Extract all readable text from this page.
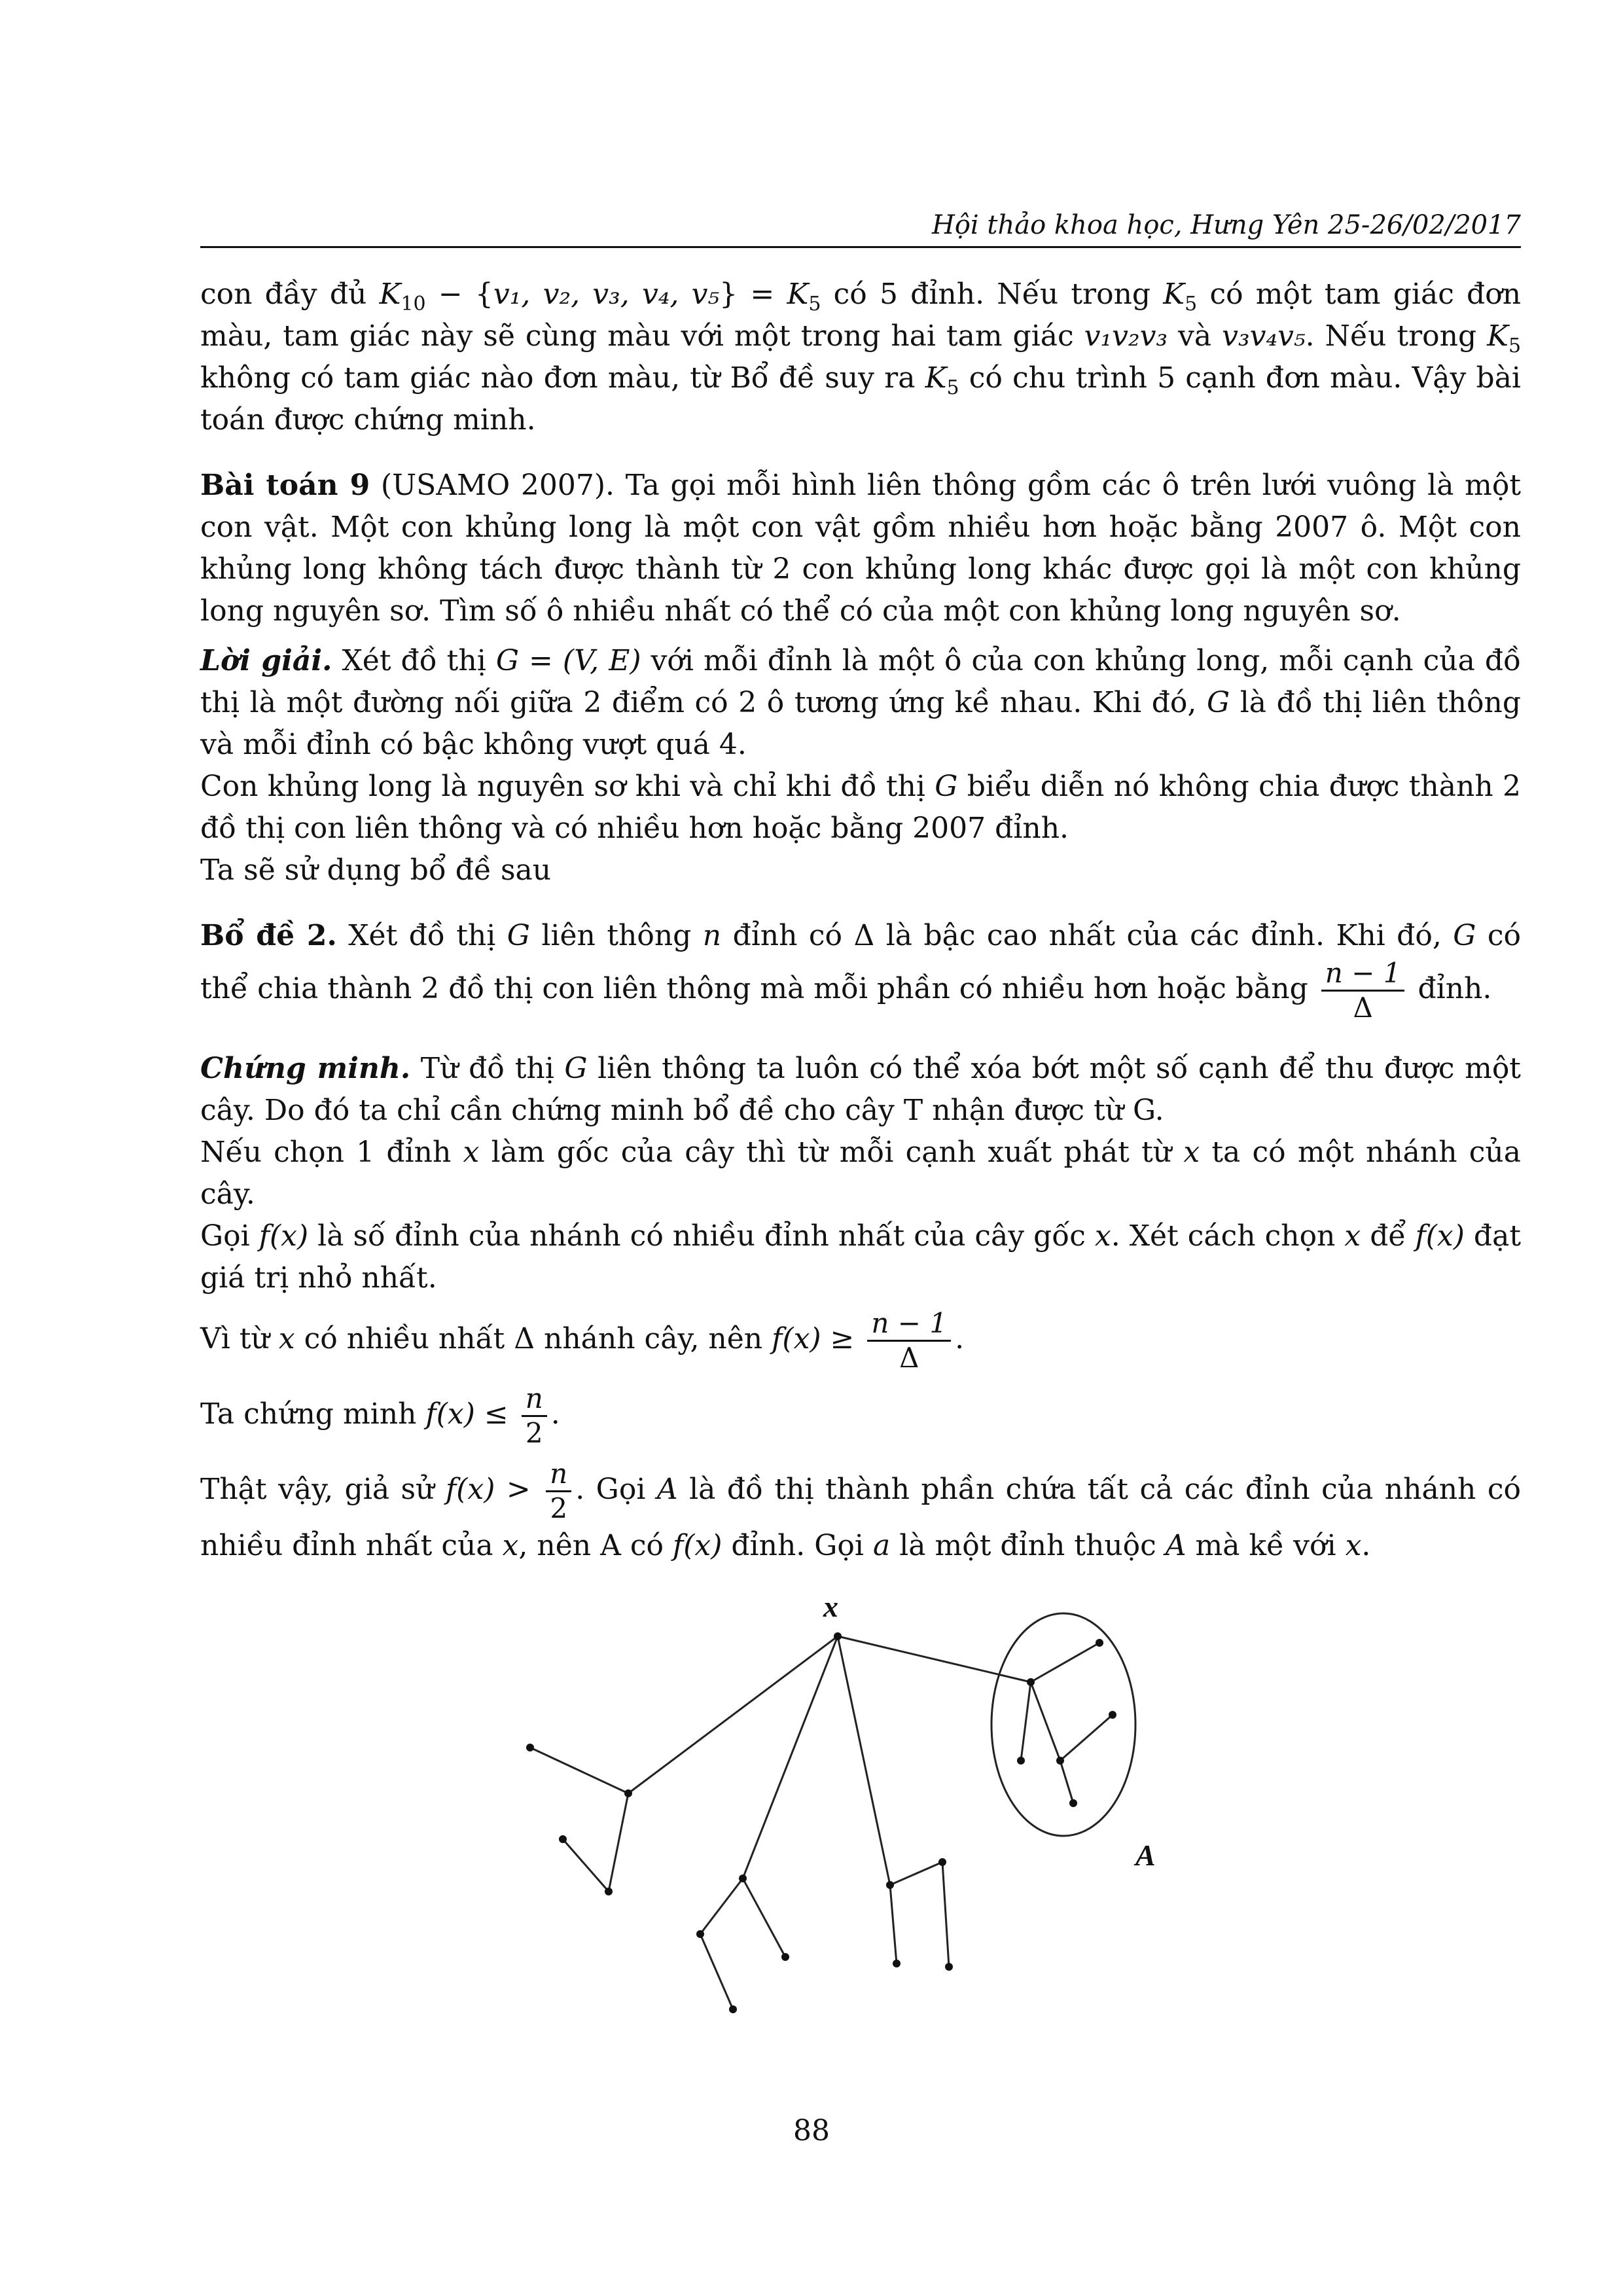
Hội thảo khoa học, Hưng Yên 25-26/02/2017

con đầy đủ $K_{10} - \{v_1$, v₂, v₃, v₄, $v_5\} = K_5$ có 5 đỉnh. Nếu trong $K_5$ có một tam giác đơn màu, tam giác này sẽ cùng màu với một trong hai tam giác v₁v₂v₃ và v₃v₄v₅. Nếu trong $K_5$ không có tam giác nào đơn màu, từ Bổ đề suy ra $K_5$ có chu trình 5 cạnh đơn màu. Vậy bài toán được chứng minh.

Bài toán 9 (USAMO 2007). Ta gọi mỗi hình liên thông gồm các ô trên lưới vuông là một con vật. Một con khủng long là một con vật gồm nhiều hơn hoặc bằng 2007 ô. Một con khủng long không tách được thành từ 2 con khủng long khác được gọi là một con khủng long nguyên sơ. Tìm số ô nhiều nhất có thể có của một con khủng long nguyên sơ.

Lời giải. Xét đồ thị G = (V, E) với mỗi đỉnh là một ô của con khủng long, mỗi cạnh của đồ thị là một đường nối giữa 2 điểm có 2 ô tương ứng kề nhau. Khi đó, G là đồ thị liên thông và mỗi đỉnh có bậc không vượt quá 4.
Con khủng long là nguyên sơ khi và chỉ khi đồ thị G biểu diễn nó không chia được thành 2 đồ thị con liên thông và có nhiều hơn hoặc bằng 2007 đỉnh.
Ta sẽ sử dụng bổ đề sau

Bổ đề 2. Xét đồ thị G liên thông n đỉnh có Δ là bậc cao nhất của các đỉnh. Khi đó, G có thể chia thành 2 đồ thị con liên thông mà mỗi phần có nhiều hơn hoặc bằng $\frac{n - 1}{\Delta}$ đỉnh.

Chứng minh. Từ đồ thị G liên thông ta luôn có thể xóa bớt một số cạnh để thu được một cây. Do đó ta chỉ cần chứng minh bổ đề cho cây T nhận được từ G.
Nếu chọn 1 đỉnh x làm gốc của cây thì từ mỗi cạnh xuất phát từ x ta có một nhánh của cây.
Gọi f(x) là số đỉnh của nhánh có nhiều đỉnh nhất của cây gốc x. Xét cách chọn x để f(x) đạt giá trị nhỏ nhất.

Vì từ x có nhiều nhất Δ nhánh cây, nên $f(x) \ge \frac{n - 1}{\Delta}$ .

Ta chứng minh $f(x) \le \frac{n}{2}$ .

Thật vậy, giả sử $f(x) > \frac{n}{2}$ . Gọi A là đồ thị thành phần chứa tất cả các đỉnh của nhánh có nhiều đỉnh nhất của x, nên A có f(x) đỉnh. Gọi a là một đỉnh thuộc A mà kề với x.

x
A
88
